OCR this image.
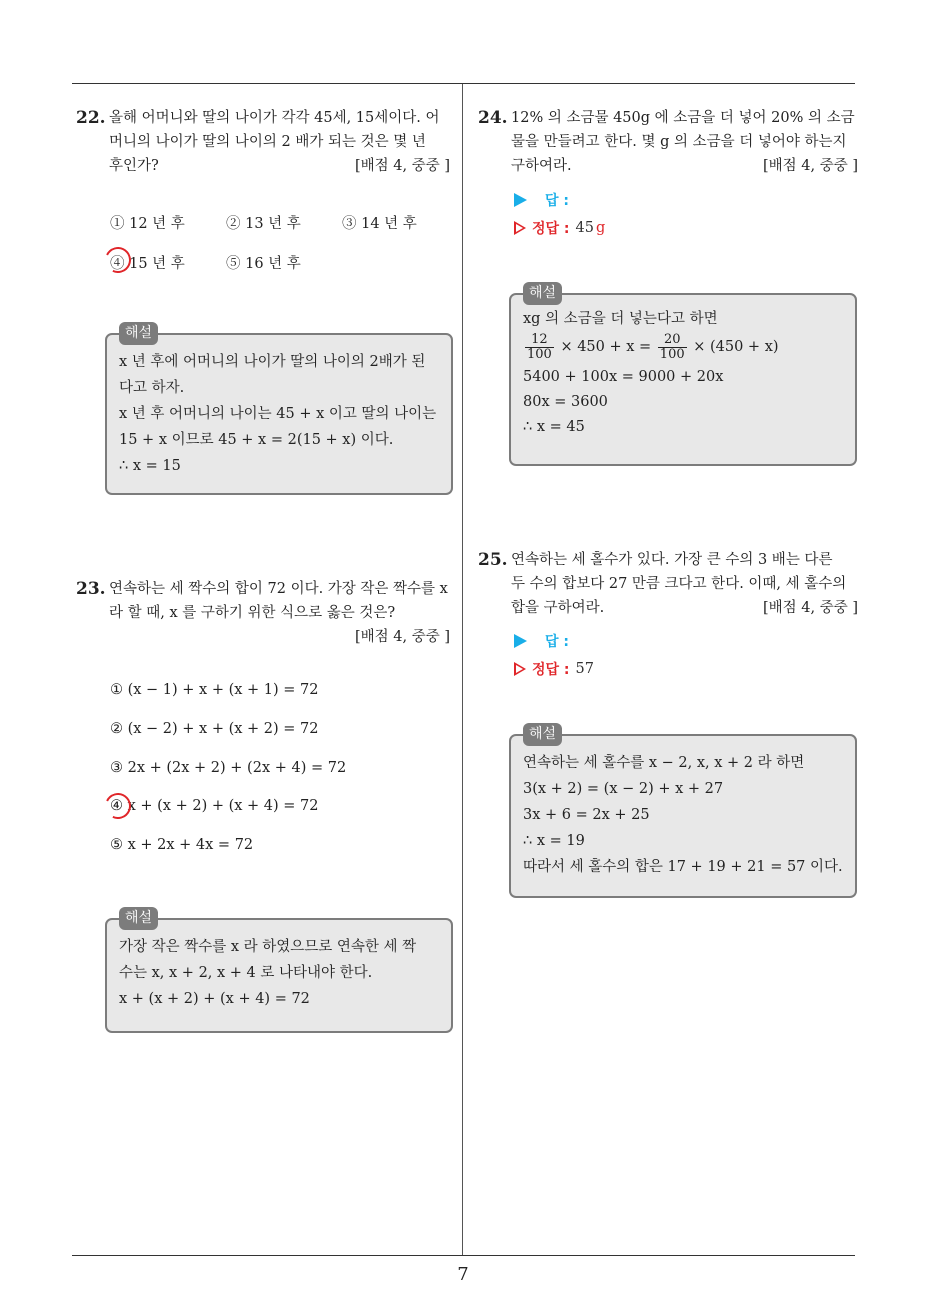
7
22. 올해 어머니와 딸의 나이가 각각 45세, 15세이다. 어
머니의 나이가 딸의 나이의 2 배가 되는 것은 몇 년
후인가?	[배점 4, 중중 ]
① 12 년 후	② 13 년 후	③ 14 년 후
④ 15 년 후	⑤ 16 년 후
해설
x 년 후에 어머니의 나이가 딸의 나이의 2배가 된
다고 하자.
x 년 후 어머니의 나이는 45 + x 이고 딸의 나이는
15 + x 이므로 45 + x = 2(15 + x) 이다.
∴ x = 15
23. 연속하는 세 짝수의 합이 72 이다. 가장 작은 짝수를 x
라 할 때, x 를 구하기 위한 식으로 옳은 것은?
[배점 4, 중중 ]
① (x − 1) + x + (x + 1) = 72
② (x − 2) + x + (x + 2) = 72
③ 2x + (2x + 2) + (2x + 4) = 72
④ x + (x + 2) + (x + 4) = 72
⑤ x + 2x + 4x = 72
해설
가장 작은 짝수를 x 라 하였으므로 연속한 세 짝
수는 x, x + 2, x + 4 로 나타내야 한다.
x + (x + 2) + (x + 4) = 72
24. 12% 의 소금물 450g 에 소금을 더 넣어 20% 의 소금
물을 만들려고 한다. 몇 g 의 소금을 더 넣어야 하는지
구하여라.	[배점 4, 중중 ]
답 :
정답 : 45 g
해설
xg 의 소금을 더 넣는다고 하면
$\frac{12}{100} \times 450 + x = \frac{20}{100} \times (450 + x)$
5400 + 100x = 9000 + 20x
80x = 3600
∴ x = 45
25. 연속하는 세 홀수가 있다. 가장 큰 수의 3 배는 다른
두 수의 합보다 27 만큼 크다고 한다. 이때, 세 홀수의
합을 구하여라.	[배점 4, 중중 ]
답 :
정답 : 57
해설
연속하는 세 홀수를 x − 2, x, x + 2 라 하면
3(x + 2) = (x − 2) + x + 27
3x + 6 = 2x + 25
∴ x = 19
따라서 세 홀수의 합은 17 + 19 + 21 = 57 이다.
